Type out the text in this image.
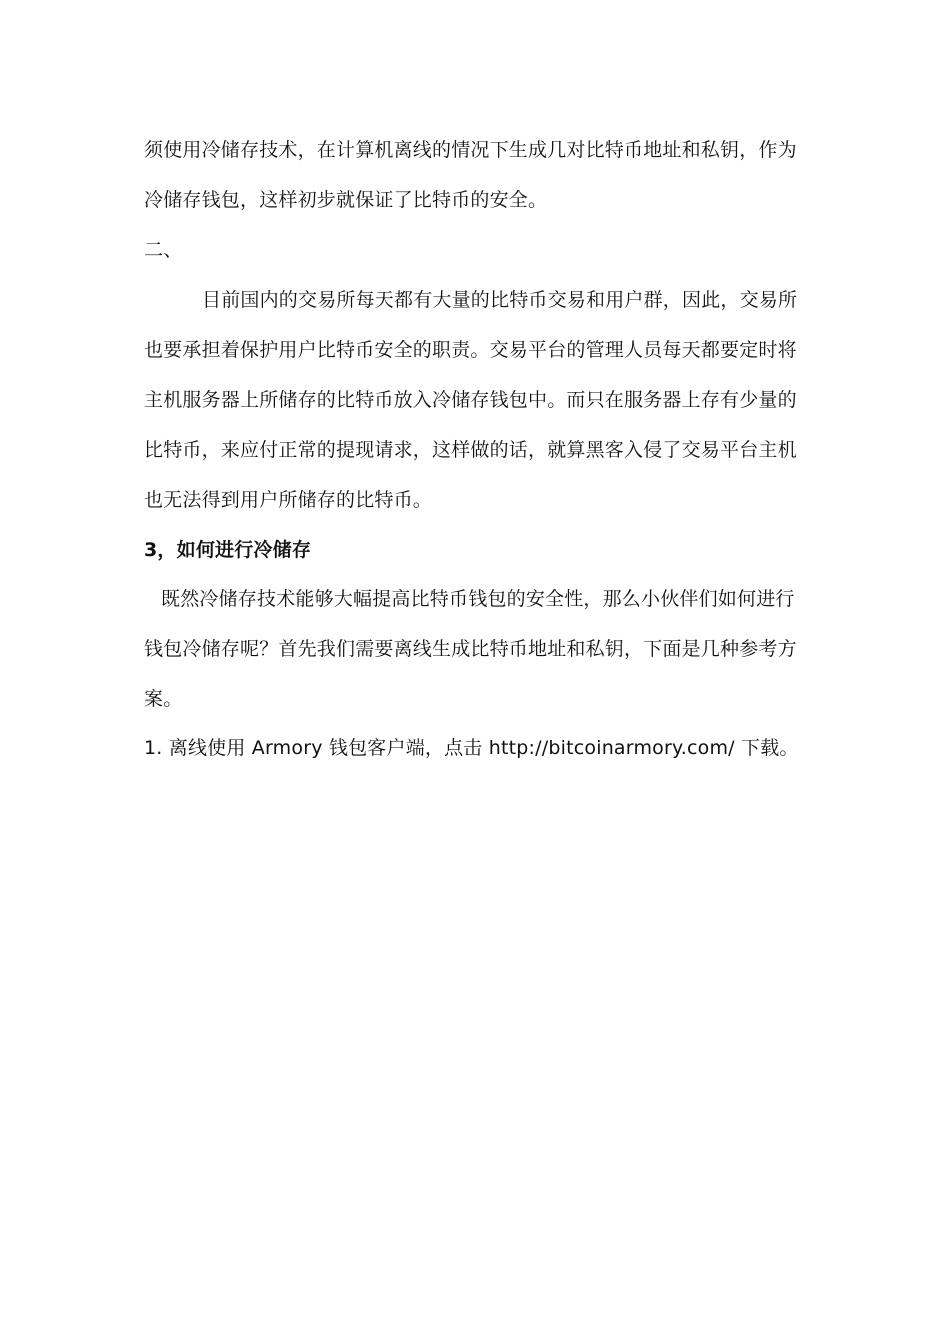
须使用冷储存技术，在计算机离线的情况下生成几对比特币地址和私钥，作为
冷储存钱包，这样初步就保证了比特币的安全。
二、
目前国内的交易所每天都有大量的比特币交易和用户群，因此，交易所
也要承担着保护用户比特币安全的职责。交易平台的管理人员每天都要定时将
主机服务器上所储存的比特币放入冷储存钱包中。而只在服务器上存有少量的
比特币，来应付正常的提现请求，这样做的话，就算黑客入侵了交易平台主机
也无法得到用户所储存的比特币。
3，如何进行冷储存
既然冷储存技术能够大幅提高比特币钱包的安全性，那么小伙伴们如何进行
钱包冷储存呢？首先我们需要离线生成比特币地址和私钥，下面是几种参考方
案。
1. 离线使用 Armory 钱包客户端，点击 http://bitcoinarmory.com/ 下载。
